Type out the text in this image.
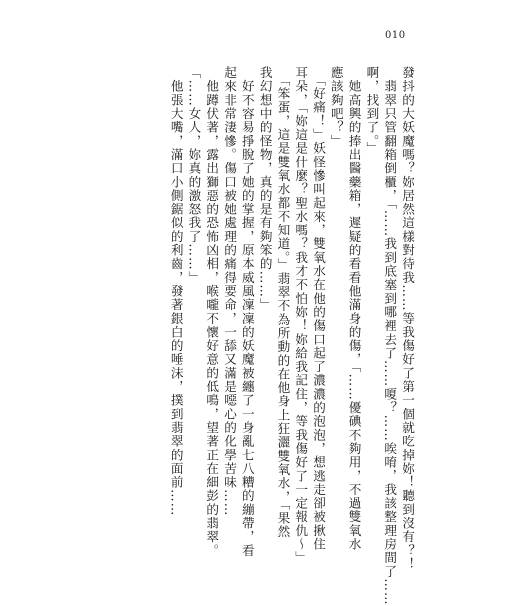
010
發抖的大妖魔嗎？妳居然這樣對待我……等我傷好了第一個就吃掉妳！聽到沒有？！
　翡翠只管翻箱倒櫃，「……我到底塞到哪裡去了……嗄？……唉唷，我該整理房間了……
啊，找到了。」
　她高興的捧出醫藥箱，遲疑的看看他滿身的傷，「……優碘不夠用，不過雙氧水
應該夠吧？」
　「好痛！」妖怪慘叫起來，雙氧水在他的傷口起了濃濃的泡泡，想逃走卻被揪住
耳朵，「妳這是什麼？聖水嗎？我才不怕妳！妳給我記住，等我傷好了一定報仇～」
　「笨蛋，這是雙氧水都不知道。」翡翠不為所動的在他身上狂灑雙氧水，「果然
我幻想中的怪物，真的是有夠笨的……」
　好不容易掙脫了她的掌握，原本威風凜凜的妖魔被纏了一身亂七八糟的繃帶，看
起來非常淒慘。傷口被她處理的痛得要命，一舔又滿是噁心的化學苦味……
　他蹲伏著，露出獅惡的恐怖凶相，喉嚨不懷好意的低鳴，望著正在細彭的翡翠。
「……女人，妳真的激怒我了……」
　他張大嘴，滿口小側鋸似的利齒，發著銀白的唾沫，撲到翡翠的面前……
